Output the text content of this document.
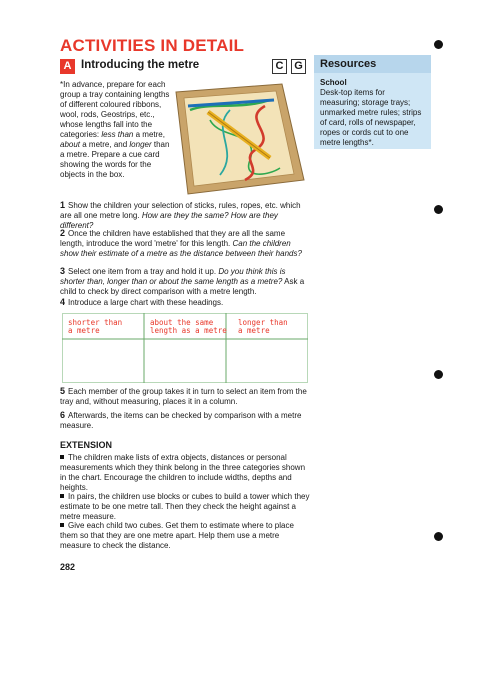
ACTIVITIES IN DETAIL
A Introducing the metre	C G	Resources
School
Desk-top items for measuring; storage trays; unmarked metre rules; strips of card, rolls of newspaper, ropes or cords cut to one metre lengths*.
*In advance, prepare for each group a tray containing lengths of different coloured ribbons, wool, rods, Geostrips, etc., whose lengths fall into the categories: less than a metre, about a metre, and longer than a metre. Prepare a cue card showing the words for the objects in the box.
1 Show the children your selection of sticks, rules, ropes, etc. which are all one metre long. How are they the same? How are they different?
2 Once the children have established that they are all the same length, introduce the word 'metre' for this length. Can the children show their estimate of a metre as the distance between their hands?
3 Select one item from a tray and hold it up. Do you think this is shorter than, longer than or about the same length as a metre? Ask a child to check by direct comparison with a metre length.
4 Introduce a large chart with these headings.
shorter than
a metre
about the same
length as a metre
longer than
a metre
5 Each member of the group takes it in turn to select an item from the tray and, without measuring, places it in a column.
6 Afterwards, the items can be checked by comparison with a metre measure.
EXTENSION
The children make lists of extra objects, distances or personal measurements which they think belong in the three categories shown in the chart. Encourage the children to include widths, depths and heights.
In pairs, the children use blocks or cubes to build a tower which they estimate to be one metre tall. Then they check the height against a metre measure.
Give each child two cubes. Get them to estimate where to place them so that they are one metre apart. Help them use a metre measure to check the distance.
282
